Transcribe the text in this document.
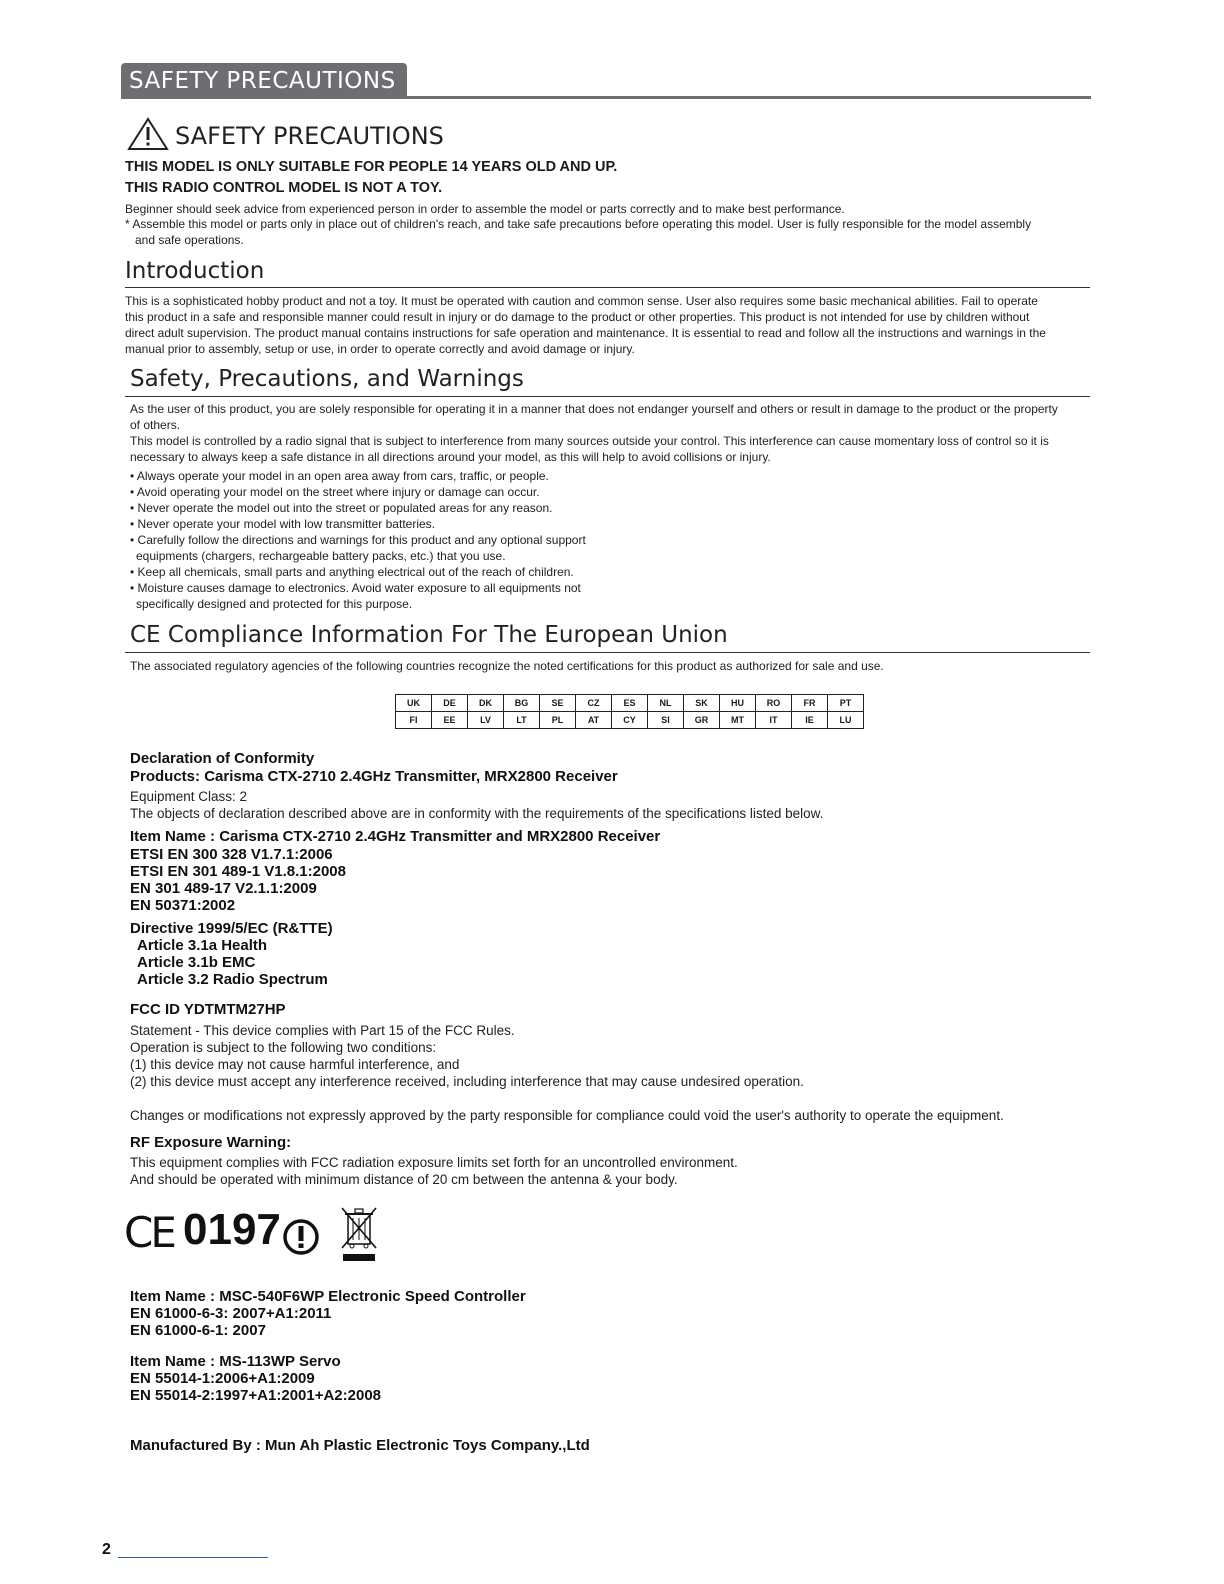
SAFETY PRECAUTIONS
SAFETY PRECAUTIONS
THIS MODEL IS ONLY SUITABLE FOR PEOPLE 14 YEARS OLD AND UP.
THIS RADIO CONTROL MODEL IS NOT A TOY.
Beginner should seek advice from experienced person in order to assemble the model or parts correctly and to make best performance.
* Assemble this model or parts only in place out of children's reach, and take safe precautions before operating this model. User is fully responsible for the model assembly
and safe operations.
Introduction
This is a sophisticated hobby product and not a toy. It must be operated with caution and common sense. User also requires some basic mechanical abilities. Fail to operate
this product in a safe and responsible manner could result in injury or do damage to the product or other properties. This product is not intended for use by children without
direct adult supervision. The product manual contains instructions for safe operation and maintenance. It is essential to read and follow all the instructions and warnings in the
manual prior to assembly, setup or use, in order to operate correctly and avoid damage or injury.
Safety, Precautions, and Warnings
As the user of this product, you are solely responsible for operating it in a manner that does not endanger yourself and others or result in damage to the product or the property
of others.
This model is controlled by a radio signal that is subject to interference from many sources outside your control. This interference can cause momentary loss of control so it is
necessary to always keep a safe distance in all directions around your model, as this will help to avoid collisions or injury.
• Always operate your model in an open area away from cars, traffic, or people.
• Avoid operating your model on the street where injury or damage can occur.
• Never operate the model out into the street or populated areas for any reason.
• Never operate your model with low transmitter batteries.
• Carefully follow the directions and warnings for this product and any optional support
equipments (chargers, rechargeable battery packs, etc.) that you use.
• Keep all chemicals, small parts and anything electrical out of the reach of children.
• Moisture causes damage to electronics. Avoid water exposure to all equipments not
specifically designed and protected for this purpose.
CE Compliance Information For The European Union
The associated regulatory agencies of the following countries recognize the noted certifications for this product as authorized for sale and use.
UK	DE	DK	BG	SE	CZ	ES	NL	SK	HU	RO	FR	PT
FI	EE	LV	LT	PL	AT	CY	SI	GR	MT	IT	IE	LU
Declaration of Conformity
Products: Carisma CTX-2710 2.4GHz Transmitter, MRX2800 Receiver
Equipment Class: 2
The objects of declaration described above are in conformity with the requirements of the specifications listed below.
Item Name : Carisma CTX-2710 2.4GHz Transmitter and MRX2800 Receiver
ETSI EN 300 328 V1.7.1:2006
ETSI EN 301 489-1 V1.8.1:2008
EN 301 489-17 V2.1.1:2009
EN 50371:2002
Directive 1999/5/EC (R&TTE)
Article 3.1a Health
Article 3.1b EMC
Article 3.2 Radio Spectrum
FCC ID YDTMTM27HP
Statement - This device complies with Part 15 of the FCC Rules.
Operation is subject to the following two conditions:
(1) this device may not cause harmful interference, and
(2) this device must accept any interference received, including interference that may cause undesired operation.
Changes or modifications not expressly approved by the party responsible for compliance could void the user's authority to operate the equipment.
RF Exposure Warning:
This equipment complies with FCC radiation exposure limits set forth for an uncontrolled environment.
And should be operated with minimum distance of 20 cm between the antenna & your body.
CE 0197
Item Name : MSC-540F6WP Electronic Speed Controller
EN 61000-6-3: 2007+A1:2011
EN 61000-6-1: 2007
Item Name : MS-113WP Servo
EN 55014-1:2006+A1:2009
EN 55014-2:1997+A1:2001+A2:2008
Manufactured By : Mun Ah Plastic Electronic Toys Company.,Ltd
2
